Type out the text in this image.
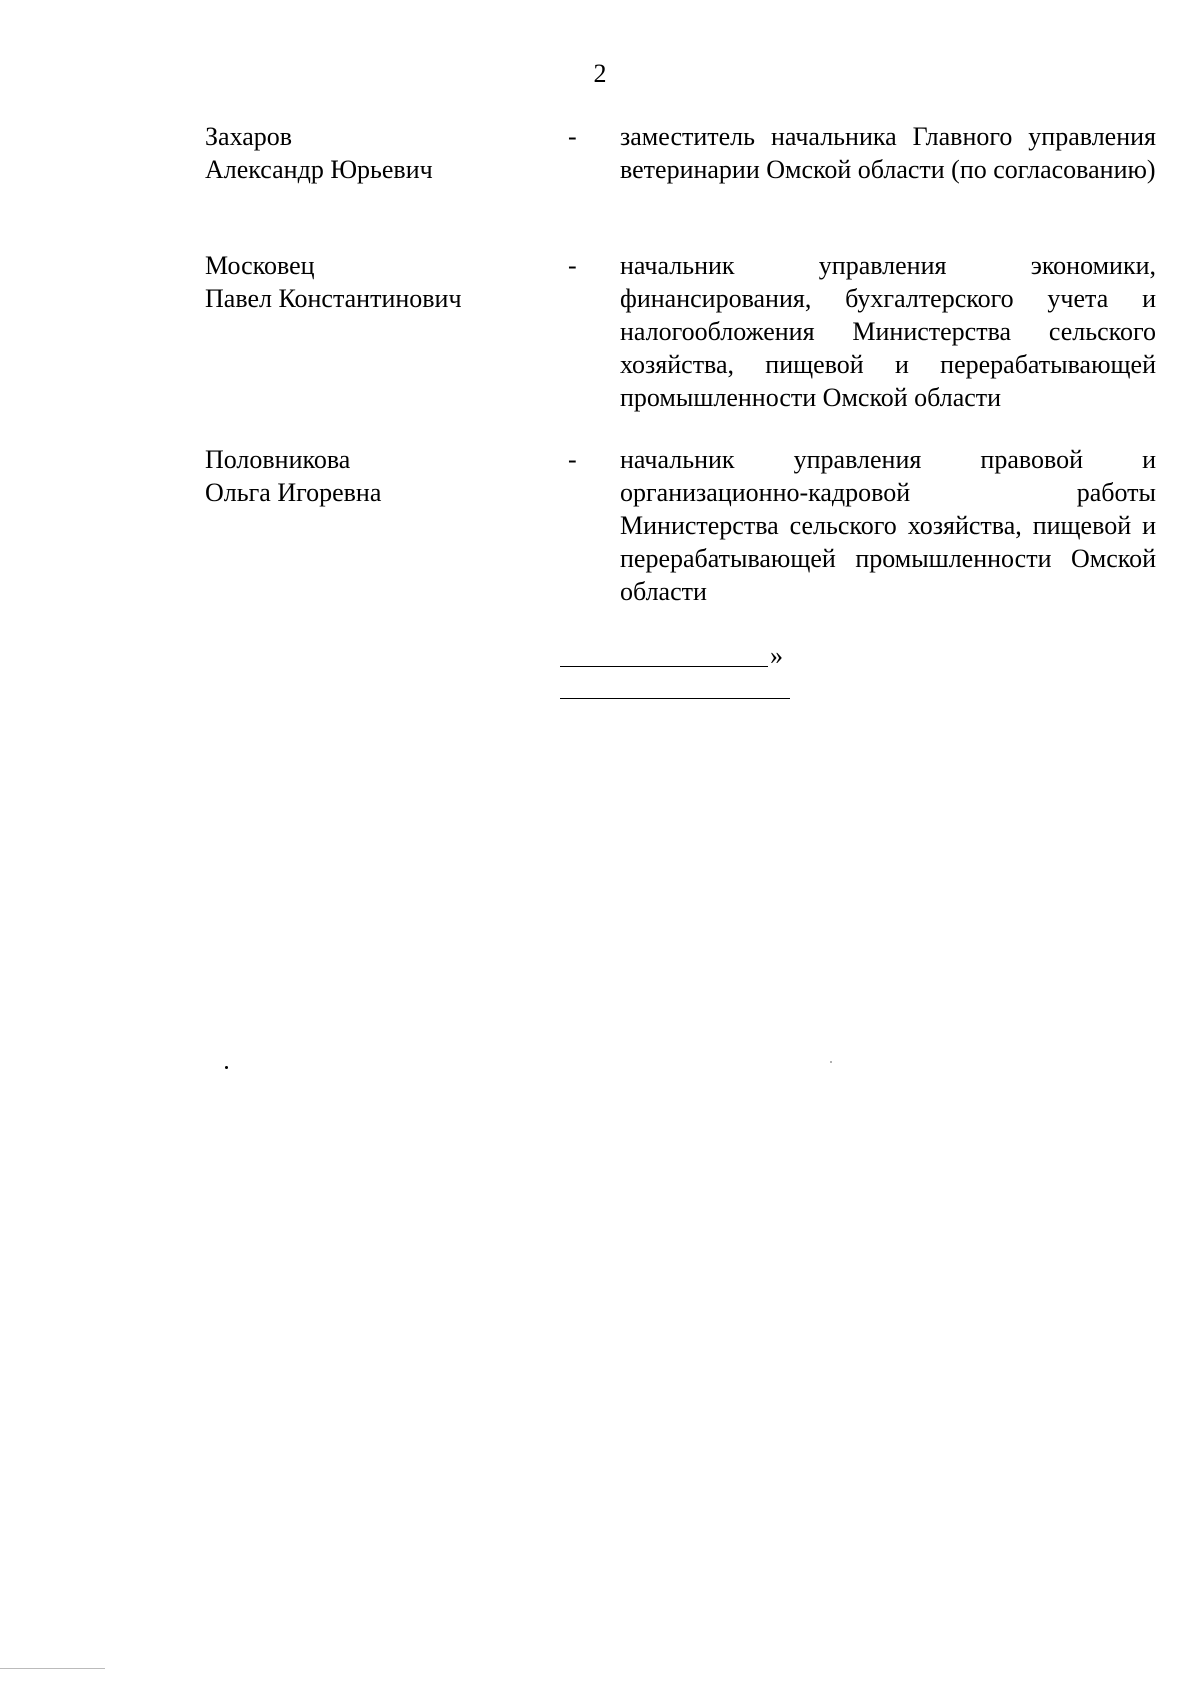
2
Захаров
Александр Юрьевич
-	заместитель начальника Главного управления ветеринарии Омской области (по согласованию)
Московец
Павел Константинович
-	начальник управления экономики, финансирования, бухгалтерского учета и налогообложения Министерства сельского хозяйства, пищевой и перерабатывающей промышленности Омской области
Половникова
Ольга Игоревна
-	начальник управления правовой и организационно-кадровой работы Министерства сельского хозяйства, пищевой и перерабатывающей промышленности Омской области
»
